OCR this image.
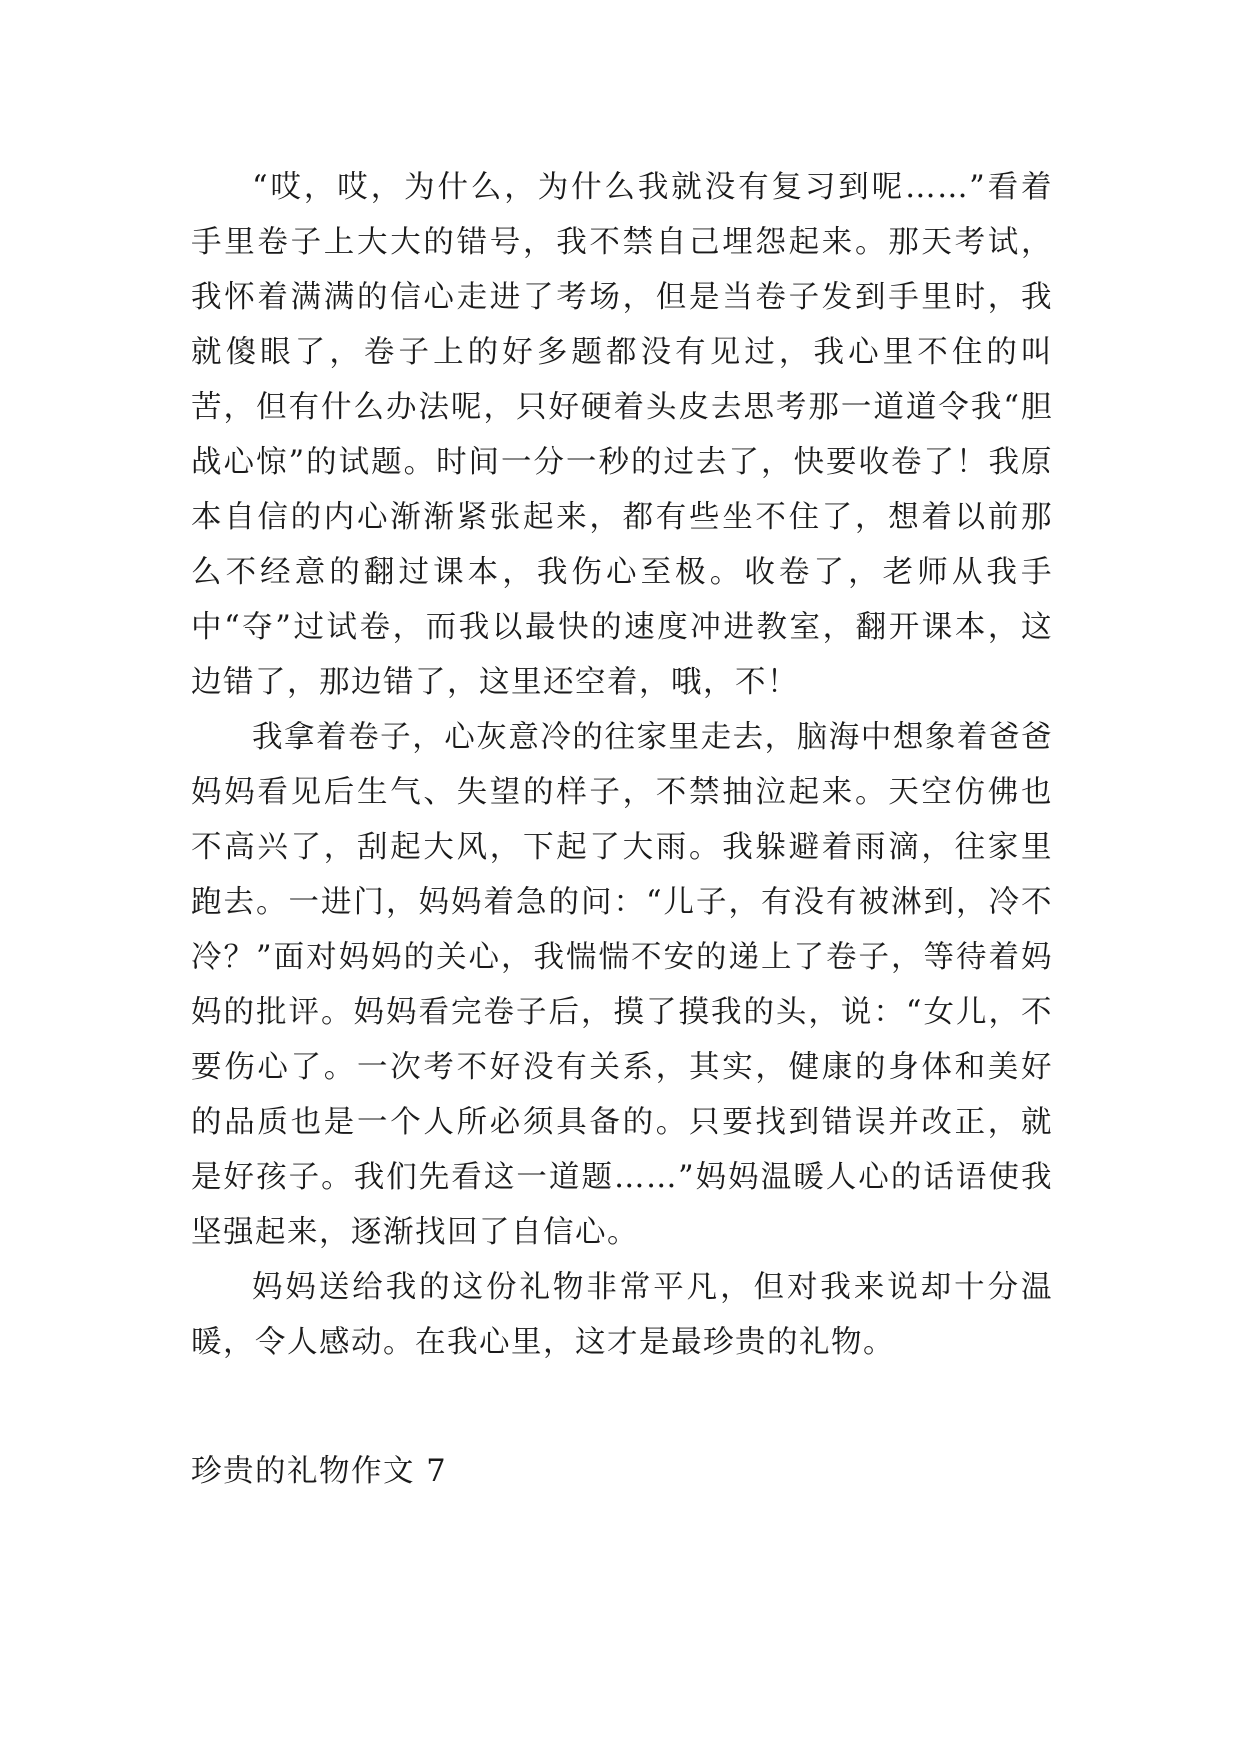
“哎，哎，为什么，为什么我就没有复习到呢……”看着手里卷子上大大的错号，我不禁自己埋怨起来。那天考试，我怀着满满的信心走进了考场，但是当卷子发到手里时，我就傻眼了，卷子上的好多题都没有见过，我心里不住的叫苦，但有什么办法呢，只好硬着头皮去思考那一道道令我“胆战心惊”的试题。时间一分一秒的过去了，快要收卷了！我原本自信的内心渐渐紧张起来，都有些坐不住了，想着以前那么不经意的翻过课本，我伤心至极。收卷了，老师从我手中“夺”过试卷，而我以最快的速度冲进教室，翻开课本，这边错了，那边错了，这里还空着，哦，不！

我拿着卷子，心灰意冷的往家里走去，脑海中想象着爸爸妈妈看见后生气、失望的样子，不禁抽泣起来。天空仿佛也不高兴了，刮起大风，下起了大雨。我躲避着雨滴，往家里跑去。一进门，妈妈着急的问：“儿子，有没有被淋到，冷不冷？”面对妈妈的关心，我惴惴不安的递上了卷子，等待着妈妈的批评。妈妈看完卷子后，摸了摸我的头，说：“女儿，不要伤心了。一次考不好没有关系，其实，健康的身体和美好的品质也是一个人所必须具备的。只要找到错误并改正，就是好孩子。我们先看这一道题……”妈妈温暖人心的话语使我坚强起来，逐渐找回了自信心。

妈妈送给我的这份礼物非常平凡，但对我来说却十分温暖，令人感动。在我心里，这才是最珍贵的礼物。

珍贵的礼物作文 7
